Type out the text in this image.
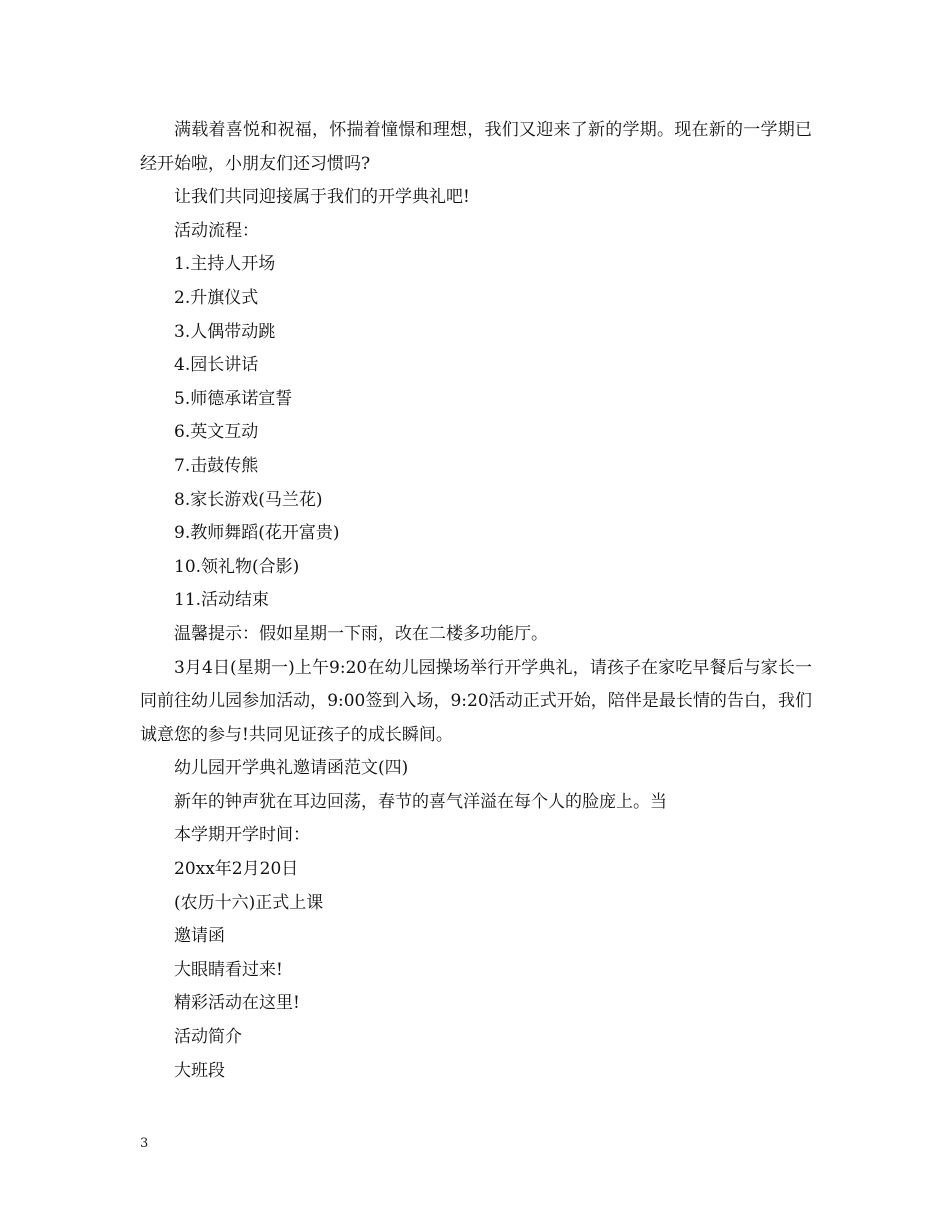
满载着喜悦和祝福，怀揣着憧憬和理想，我们又迎来了新的学期。现在新的一学期已经开始啦，小朋友们还习惯吗?

让我们共同迎接属于我们的开学典礼吧!

活动流程：

1.主持人开场

2.升旗仪式

3.人偶带动跳

4.园长讲话

5.师德承诺宣誓

6.英文互动

7.击鼓传熊

8.家长游戏(马兰花)

9.教师舞蹈(花开富贵)

10.领礼物(合影)

11.活动结束

温馨提示：假如星期一下雨，改在二楼多功能厅。

3月4日(星期一)上午9:20在幼儿园操场举行开学典礼，请孩子在家吃早餐后与家长一同前往幼儿园参加活动，9:00签到入场，9:20活动正式开始，陪伴是最长情的告白，我们诚意您的参与!共同见证孩子的成长瞬间。

幼儿园开学典礼邀请函范文(四)

新年的钟声犹在耳边回荡，春节的喜气洋溢在每个人的脸庞上。当

本学期开学时间：

20xx年2月20日

(农历十六)正式上课

邀请函

大眼睛看过来!

精彩活动在这里!

活动简介

大班段

3
